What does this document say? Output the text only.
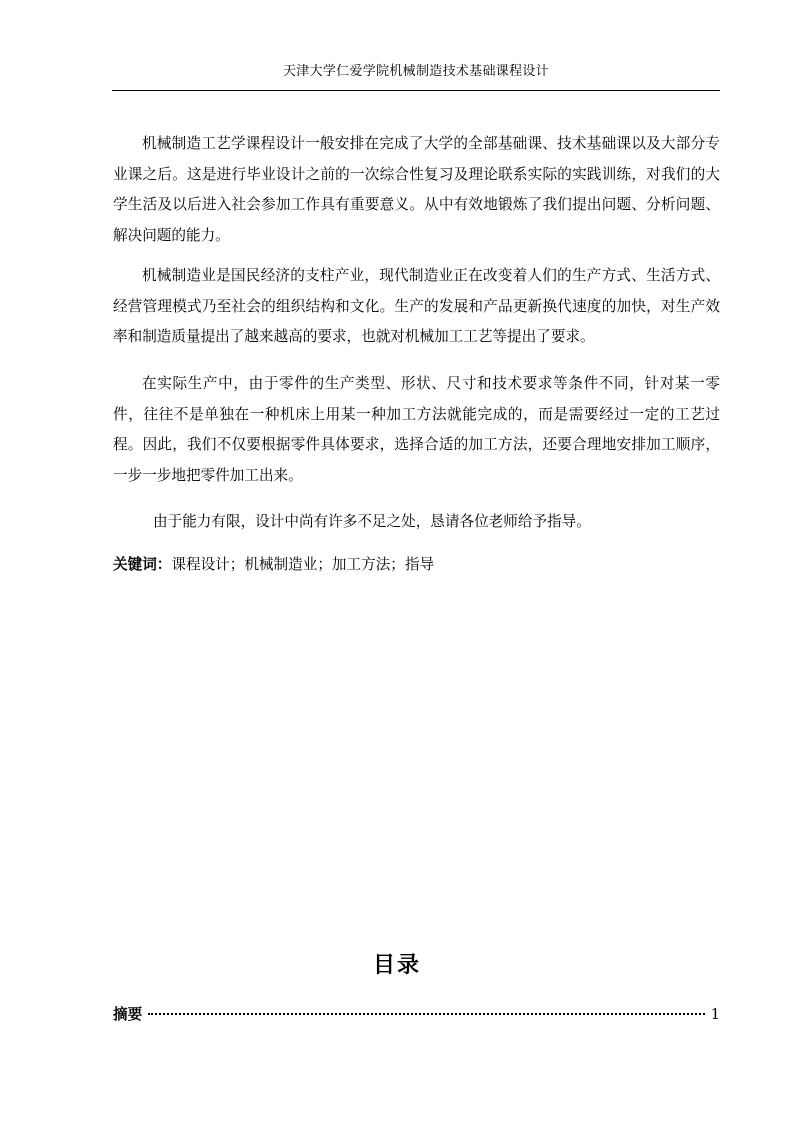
天津大学仁爱学院机械制造技术基础课程设计

机械制造工艺学课程设计一般安排在完成了大学的全部基础课、技术基础课以及大部分专业课之后。这是进行毕业设计之前的一次综合性复习及理论联系实际的实践训练，对我们的大学生活及以后进入社会参加工作具有重要意义。从中有效地锻炼了我们提出问题、分析问题、解决问题的能力。

机械制造业是国民经济的支柱产业，现代制造业正在改变着人们的生产方式、生活方式、经营管理模式乃至社会的组织结构和文化。生产的发展和产品更新换代速度的加快，对生产效率和制造质量提出了越来越高的要求，也就对机械加工工艺等提出了要求。

在实际生产中，由于零件的生产类型、形状、尺寸和技术要求等条件不同，针对某一零件，往往不是单独在一种机床上用某一种加工方法就能完成的，而是需要经过一定的工艺过程。因此，我们不仅要根据零件具体要求，选择合适的加工方法，还要合理地安排加工顺序，一步一步地把零件加工出来。

由于能力有限，设计中尚有许多不足之处，恳请各位老师给予指导。

关键词：课程设计；机械制造业；加工方法；指导
目录
摘要	1
